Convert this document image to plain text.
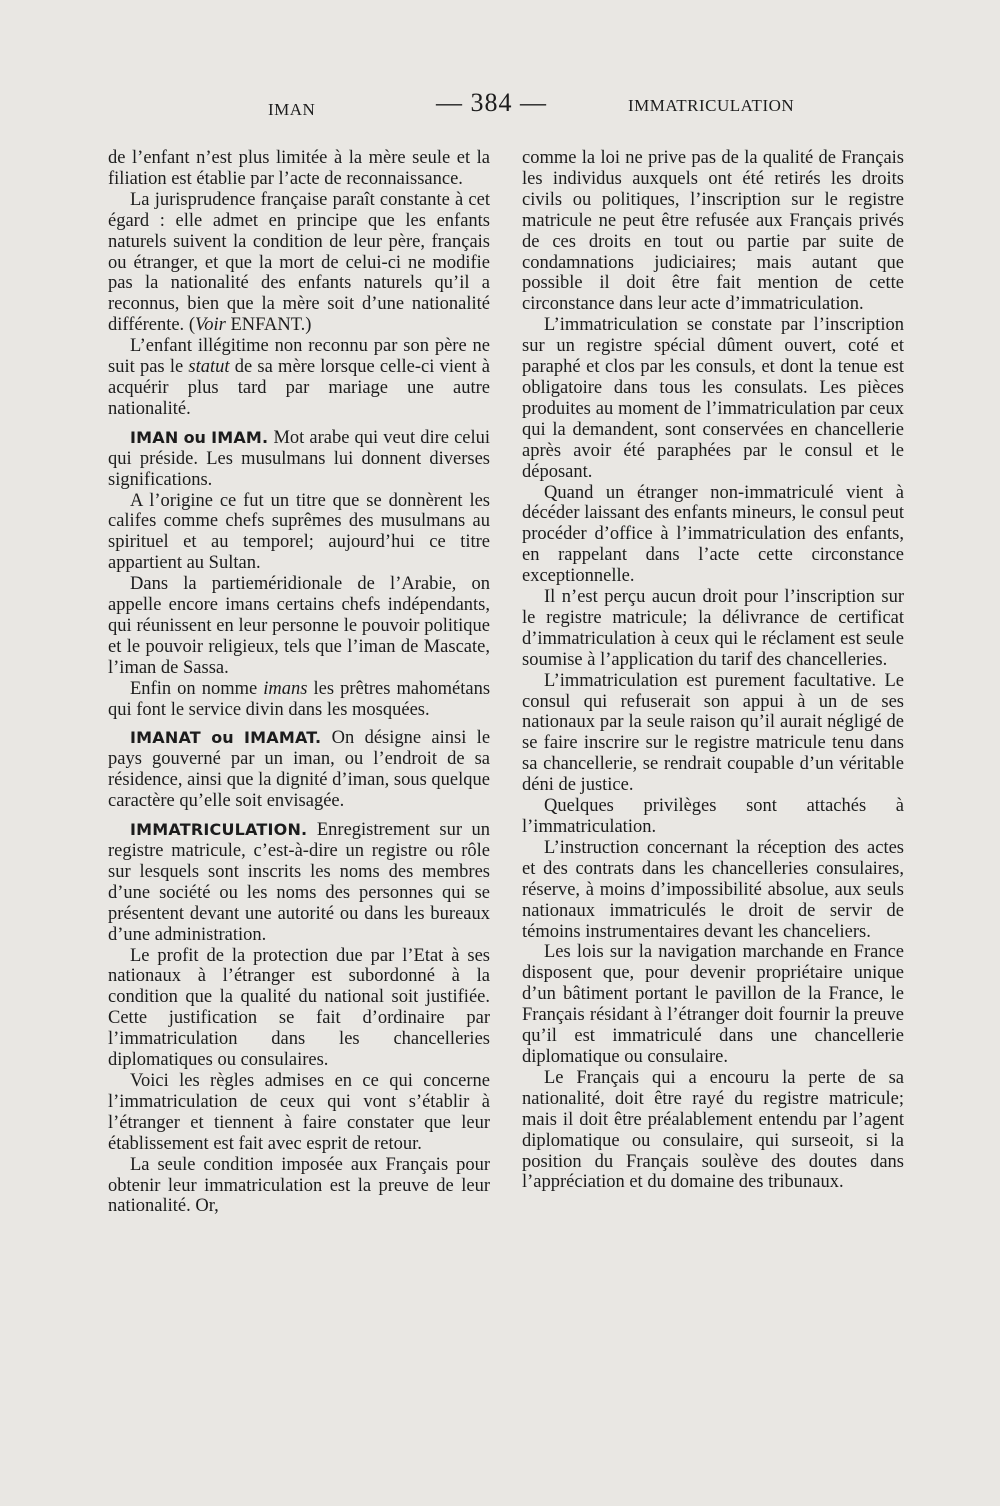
IMAN	— 384 —	IMMATRICULATION

de l’enfant n’est plus limitée à la mère seule et la filiation est établie par l’acte de reconnaissance.

La jurisprudence française paraît constante à cet égard : elle admet en principe que les enfants naturels suivent la condition de leur père, français ou étranger, et que la mort de celui-ci ne modifie pas la nationalité des enfants naturels qu’il a reconnus, bien que la mère soit d’une nationalité différente. (Voir ENFANT.)

L’enfant illégitime non reconnu par son père ne suit pas le statut de sa mère lorsque celle-ci vient à acquérir plus tard par mariage une autre nationalité.

IMAN ou IMAM. Mot arabe qui veut dire celui qui préside. Les musulmans lui donnent diverses significations.

A l’origine ce fut un titre que se donnèrent les califes comme chefs suprêmes des musulmans au spirituel et au temporel; aujourd’hui ce titre appartient au Sultan.

Dans la partieméridionale de l’Arabie, on appelle encore imans certains chefs indépendants, qui réunissent en leur personne le pouvoir politique et le pouvoir religieux, tels que l’iman de Mascate, l’iman de Sassa.

Enfin on nomme imans les prêtres mahométans qui font le service divin dans les mosquées.

IMANAT ou IMAMAT. On désigne ainsi le pays gouverné par un iman, ou l’endroit de sa résidence, ainsi que la dignité d’iman, sous quelque caractère qu’elle soit envisagée.

IMMATRICULATION. Enregistrement sur un registre matricule, c’est-à-dire un registre ou rôle sur lesquels sont inscrits les noms des membres d’une société ou les noms des personnes qui se présentent devant une autorité ou dans les bureaux d’une administration.

Le profit de la protection due par l’Etat à ses nationaux à l’étranger est subordonné à la condition que la qualité du national soit justifiée. Cette justification se fait d’ordinaire par l’immatriculation dans les chancelleries diplomatiques ou consulaires.

Voici les règles admises en ce qui concerne l’immatriculation de ceux qui vont s’établir à l’étranger et tiennent à faire constater que leur établissement est fait avec esprit de retour.

La seule condition imposée aux Français pour obtenir leur immatriculation est la preuve de leur nationalité. Or,

comme la loi ne prive pas de la qualité de Français les individus auxquels ont été retirés les droits civils ou politiques, l’inscription sur le registre matricule ne peut être refusée aux Français privés de ces droits en tout ou partie par suite de condamnations judiciaires; mais autant que possible il doit être fait mention de cette circonstance dans leur acte d’immatriculation.

L’immatriculation se constate par l’inscription sur un registre spécial dûment ouvert, coté et paraphé et clos par les consuls, et dont la tenue est obligatoire dans tous les consulats. Les pièces produites au moment de l’immatriculation par ceux qui la demandent, sont conservées en chancellerie après avoir été paraphées par le consul et le déposant.

Quand un étranger non-immatriculé vient à décéder laissant des enfants mineurs, le consul peut procéder d’office à l’immatriculation des enfants, en rappelant dans l’acte cette circonstance exceptionnelle.

Il n’est perçu aucun droit pour l’inscription sur le registre matricule; la délivrance de certificat d’immatriculation à ceux qui le réclament est seule soumise à l’application du tarif des chancelleries.

L’immatriculation est purement facultative. Le consul qui refuserait son appui à un de ses nationaux par la seule raison qu’il aurait négligé de se faire inscrire sur le registre matricule tenu dans sa chancellerie, se rendrait coupable d’un véritable déni de justice.

Quelques privilèges sont attachés à l’immatriculation.

L’instruction concernant la réception des actes et des contrats dans les chancelleries consulaires, réserve, à moins d’impossibilité absolue, aux seuls nationaux immatriculés le droit de servir de témoins instrumentaires devant les chanceliers.

Les lois sur la navigation marchande en France disposent que, pour devenir propriétaire unique d’un bâtiment portant le pavillon de la France, le Français résidant à l’étranger doit fournir la preuve qu’il est immatriculé dans une chancellerie diplomatique ou consulaire.

Le Français qui a encouru la perte de sa nationalité, doit être rayé du registre matricule; mais il doit être préalablement entendu par l’agent diplomatique ou consulaire, qui surseoit, si la position du Français soulève des doutes dans l’appréciation et du domaine des tribunaux.
